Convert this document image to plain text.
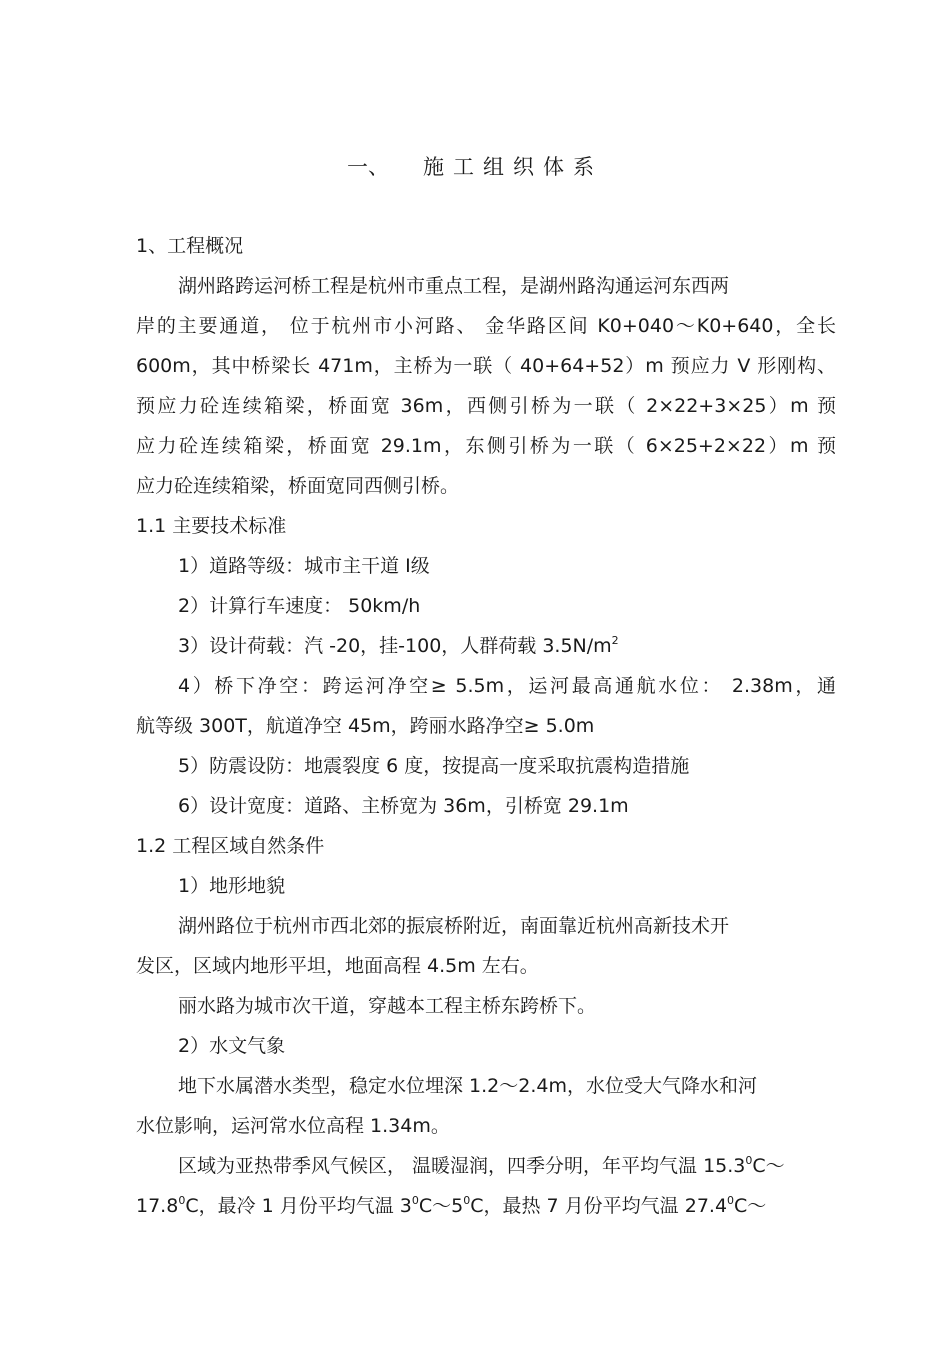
一、 施工组织体系
1、工程概况
湖州路跨运河桥工程是杭州市重点工程，是湖州路沟通运河东西两
岸的主要通道， 位于杭州市小河路、 金华路区间 K0+040～K0+640，全长
600m，其中桥梁长 471m，主桥为一联（ 40+64+52）m 预应力 V 形刚构、
预应力砼连续箱梁，桥面宽 36m，西侧引桥为一联（ 2×22+3×25）m 预
应力砼连续箱梁，桥面宽 29.1m，东侧引桥为一联（ 6×25+2×22）m 预
应力砼连续箱梁，桥面宽同西侧引桥。
1.1 主要技术标准
1）道路等级：城市主干道 Ⅰ级
2）计算行车速度： 50km/h
3）设计荷载：汽 -20，挂-100，人群荷载 $3.5N/m^2$
4）桥下净空：跨运河净空≥ 5.5m，运河最高通航水位： 2.38m，通
航等级 300T，航道净空 45m，跨丽水路净空≥ 5.0m
5）防震设防：地震裂度 6 度，按提高一度采取抗震构造措施
6）设计宽度：道路、主桥宽为 36m，引桥宽 29.1m
1.2 工程区域自然条件
1）地形地貌
湖州路位于杭州市西北郊的振宸桥附近，南面靠近杭州高新技术开
发区，区域内地形平坦，地面高程 4.5m 左右。
丽水路为城市次干道，穿越本工程主桥东跨桥下。
2）水文气象
地下水属潜水类型，稳定水位埋深 1.2～2.4m，水位受大气降水和河
水位影响，运河常水位高程 1.34m。
区域为亚热带季风气候区， 温暖湿润，四季分明，年平均气温 15.3$^0$C～
17.8$^0$C，最冷 1 月份平均气温 $3^0C\sim 5^0C$，最热 7 月份平均气温 27.4$^0$C～
